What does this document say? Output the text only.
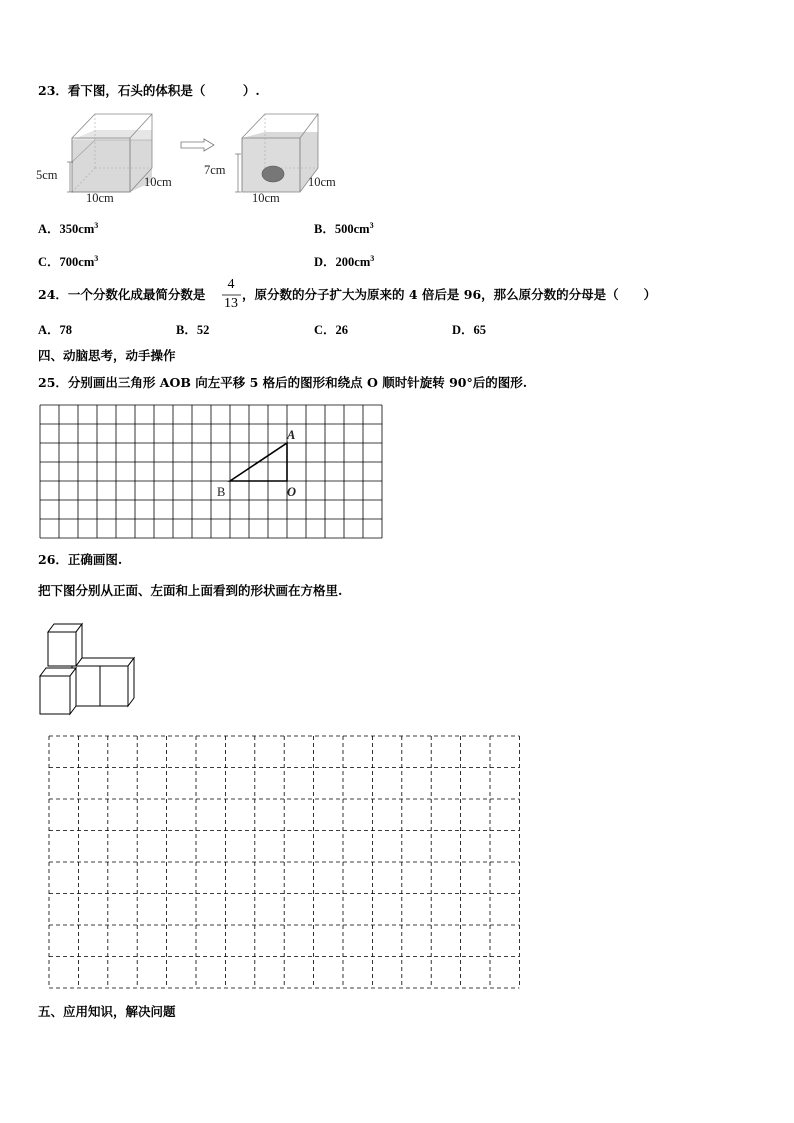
23．看下图，石头的体积是（　　　）.
5cm
10cm
10cm
7cm
10cm
10cm
A．$350cm^3$	B．$500cm^3$
C．$700cm^3$	D．$200cm^3$
24．一个分数化成最简分数是
4
13
，原分数的分子扩大为原来的 4 倍后是 96，那么原分数的分母是（　　）
A．78	B．52	C．26	D．65
四、动脑思考，动手操作
25．分别画出三角形 AOB 向左平移 5 格后的图形和绕点 O 顺时针旋转 90°后的图形.
A
B	O
26．正确画图.
把下图分别从正面、左面和上面看到的形状画在方格里.
五、应用知识，解决问题
